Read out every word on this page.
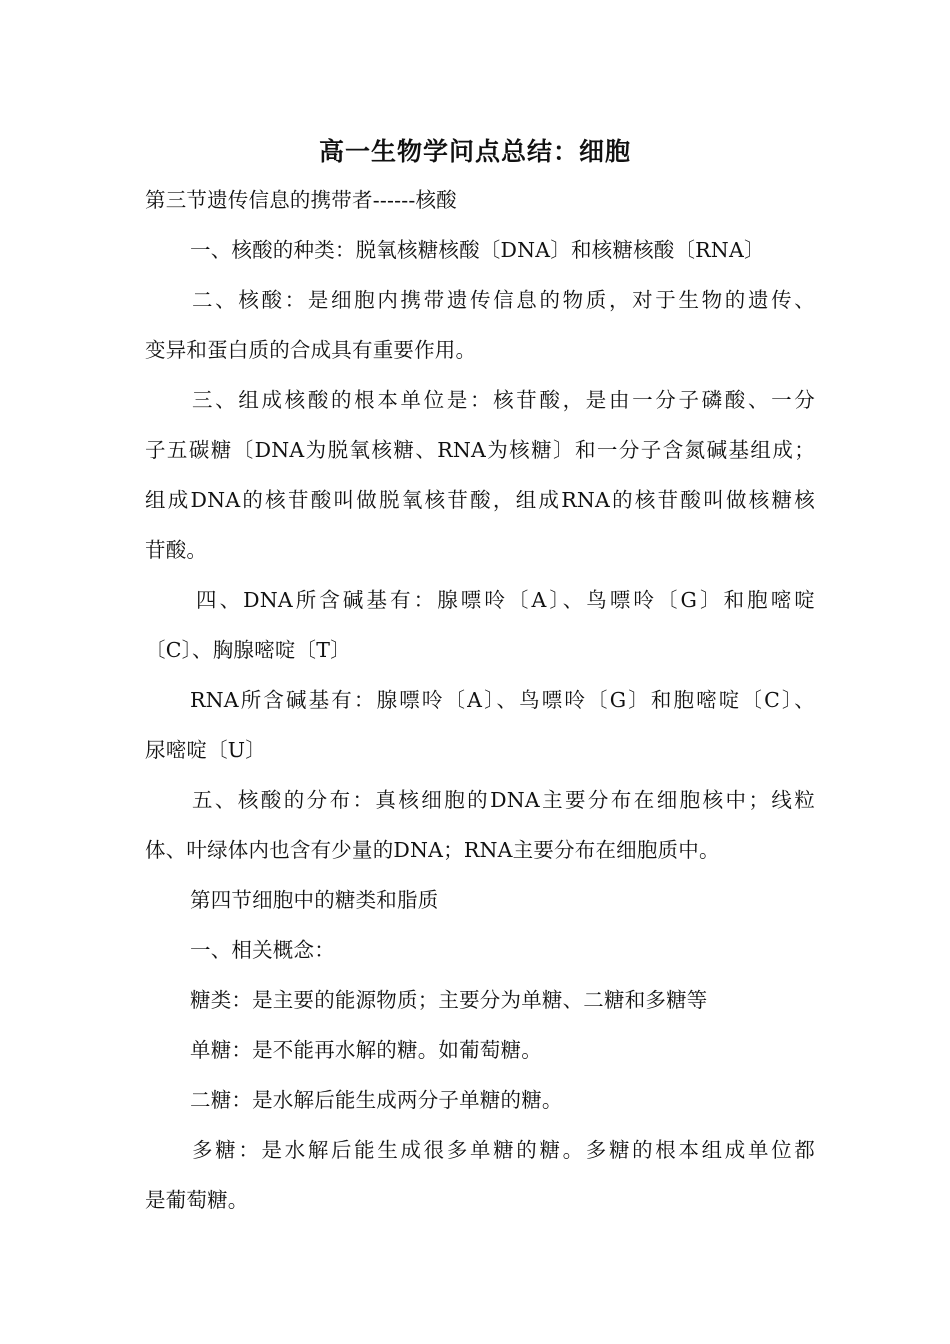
高一生物学问点总结：细胞
第三节遗传信息的携带者------核酸
一、核酸的种类：脱氧核糖核酸〔DNA〕和核糖核酸〔RNA〕
二、核酸：是细胞内携带遗传信息的物质，对于生物的遗传、
变异和蛋白质的合成具有重要作用。
三、组成核酸的根本单位是：核苷酸，是由一分子磷酸、一分
子五碳糖〔DNA为脱氧核糖、RNA为核糖〕和一分子含氮碱基组成；
组成DNA的核苷酸叫做脱氧核苷酸，组成RNA的核苷酸叫做核糖核
苷酸。
四、DNA所含碱基有：腺嘌呤〔A〕、鸟嘌呤〔G〕和胞嘧啶
〔C〕、胸腺嘧啶〔T〕
RNA所含碱基有：腺嘌呤〔A〕、鸟嘌呤〔G〕和胞嘧啶〔C〕、
尿嘧啶〔U〕
五、核酸的分布：真核细胞的DNA主要分布在细胞核中；线粒
体、叶绿体内也含有少量的DNA；RNA主要分布在细胞质中。
第四节细胞中的糖类和脂质
一、相关概念：
糖类：是主要的能源物质；主要分为单糖、二糖和多糖等
单糖：是不能再水解的糖。如葡萄糖。
二糖：是水解后能生成两分子单糖的糖。
多糖：是水解后能生成很多单糖的糖。多糖的根本组成单位都
是葡萄糖。
